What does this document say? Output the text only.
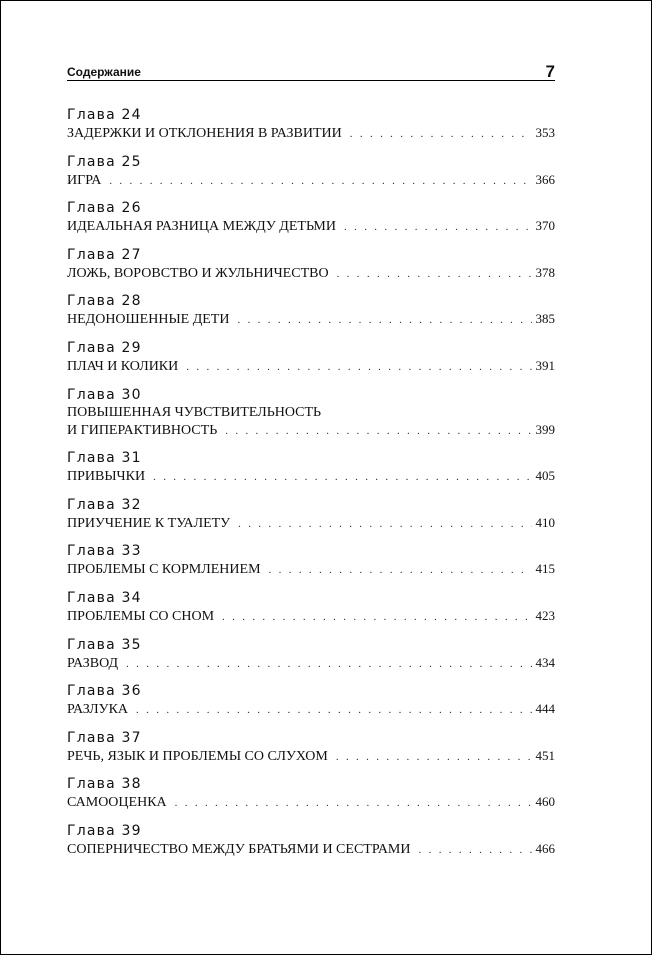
Содержание	7
Глава 24
ЗАДЕРЖКИ И ОТКЛОНЕНИЯ В РАЗВИТИИ . . .	353
Глава 25
ИГРА . . .	366
Глава 26
ИДЕАЛЬНАЯ РАЗНИЦА МЕЖДУ ДЕТЬМИ . . .	370
Глава 27
ЛОЖЬ, ВОРОВСТВО И ЖУЛЬНИЧЕСТВО . . .	378
Глава 28
НЕДОНОШЕННЫЕ ДЕТИ . . .	385
Глава 29
ПЛАЧ И КОЛИКИ . . .	391
Глава 30
ПОВЫШЕННАЯ ЧУВСТВИТЕЛЬНОСТЬ
И ГИПЕРАКТИВНОСТЬ . . .	399
Глава 31
ПРИВЫЧКИ . . .	405
Глава 32
ПРИУЧЕНИЕ К ТУАЛЕТУ . . .	410
Глава 33
ПРОБЛЕМЫ С КОРМЛЕНИЕМ . . .	415
Глава 34
ПРОБЛЕМЫ СО СНОМ . . .	423
Глава 35
РАЗВОД . . .	434
Глава 36
РАЗЛУКА . . .	444
Глава 37
РЕЧЬ, ЯЗЫК И ПРОБЛЕМЫ СО СЛУХОМ . . .	451
Глава 38
САМООЦЕНКА . . .	460
Глава 39
СОПЕРНИЧЕСТВО МЕЖДУ БРАТЬЯМИ И СЕСТРАМИ . . .	466
